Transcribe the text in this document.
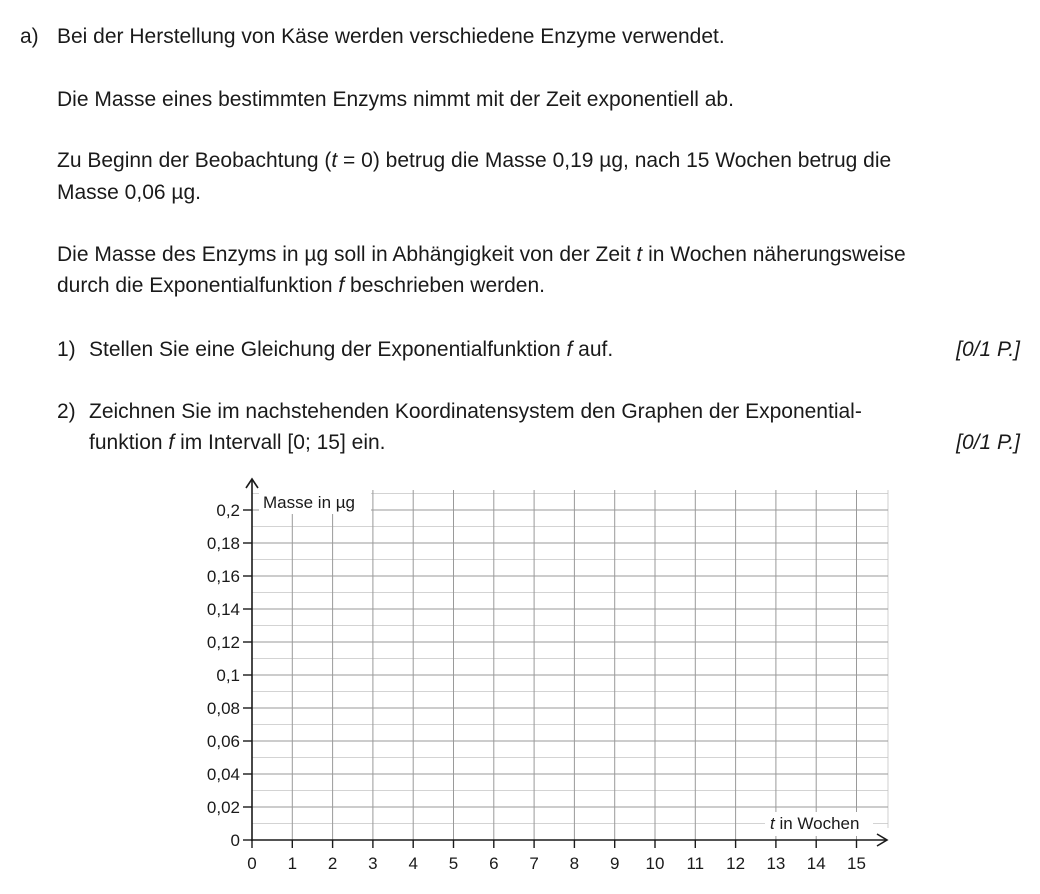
a) Bei der Herstellung von Käse werden verschiedene Enzyme verwendet.
Die Masse eines bestimmten Enzyms nimmt mit der Zeit exponentiell ab.
Zu Beginn der Beobachtung (t = 0) betrug die Masse 0,19 µg, nach 15 Wochen betrug die
Masse 0,06 µg.
Die Masse des Enzyms in µg soll in Abhängigkeit von der Zeit t in Wochen näherungsweise
durch die Exponentialfunktion f beschrieben werden.
1) Stellen Sie eine Gleichung der Exponentialfunktion f auf.	[0/1 P.]
2) Zeichnen Sie im nachstehenden Koordinatensystem den Graphen der Exponential-
funktion f im Intervall [0; 15] ein.	[0/1 P.]
0
0,02
0,04
0,06
0,08
0,1
0,12
0,14
0,16
0,18
0,2
0 1 2 3 4 5 6 7 8 9 10 11 12 13 14 15
Masse in µg
t in Wochen
